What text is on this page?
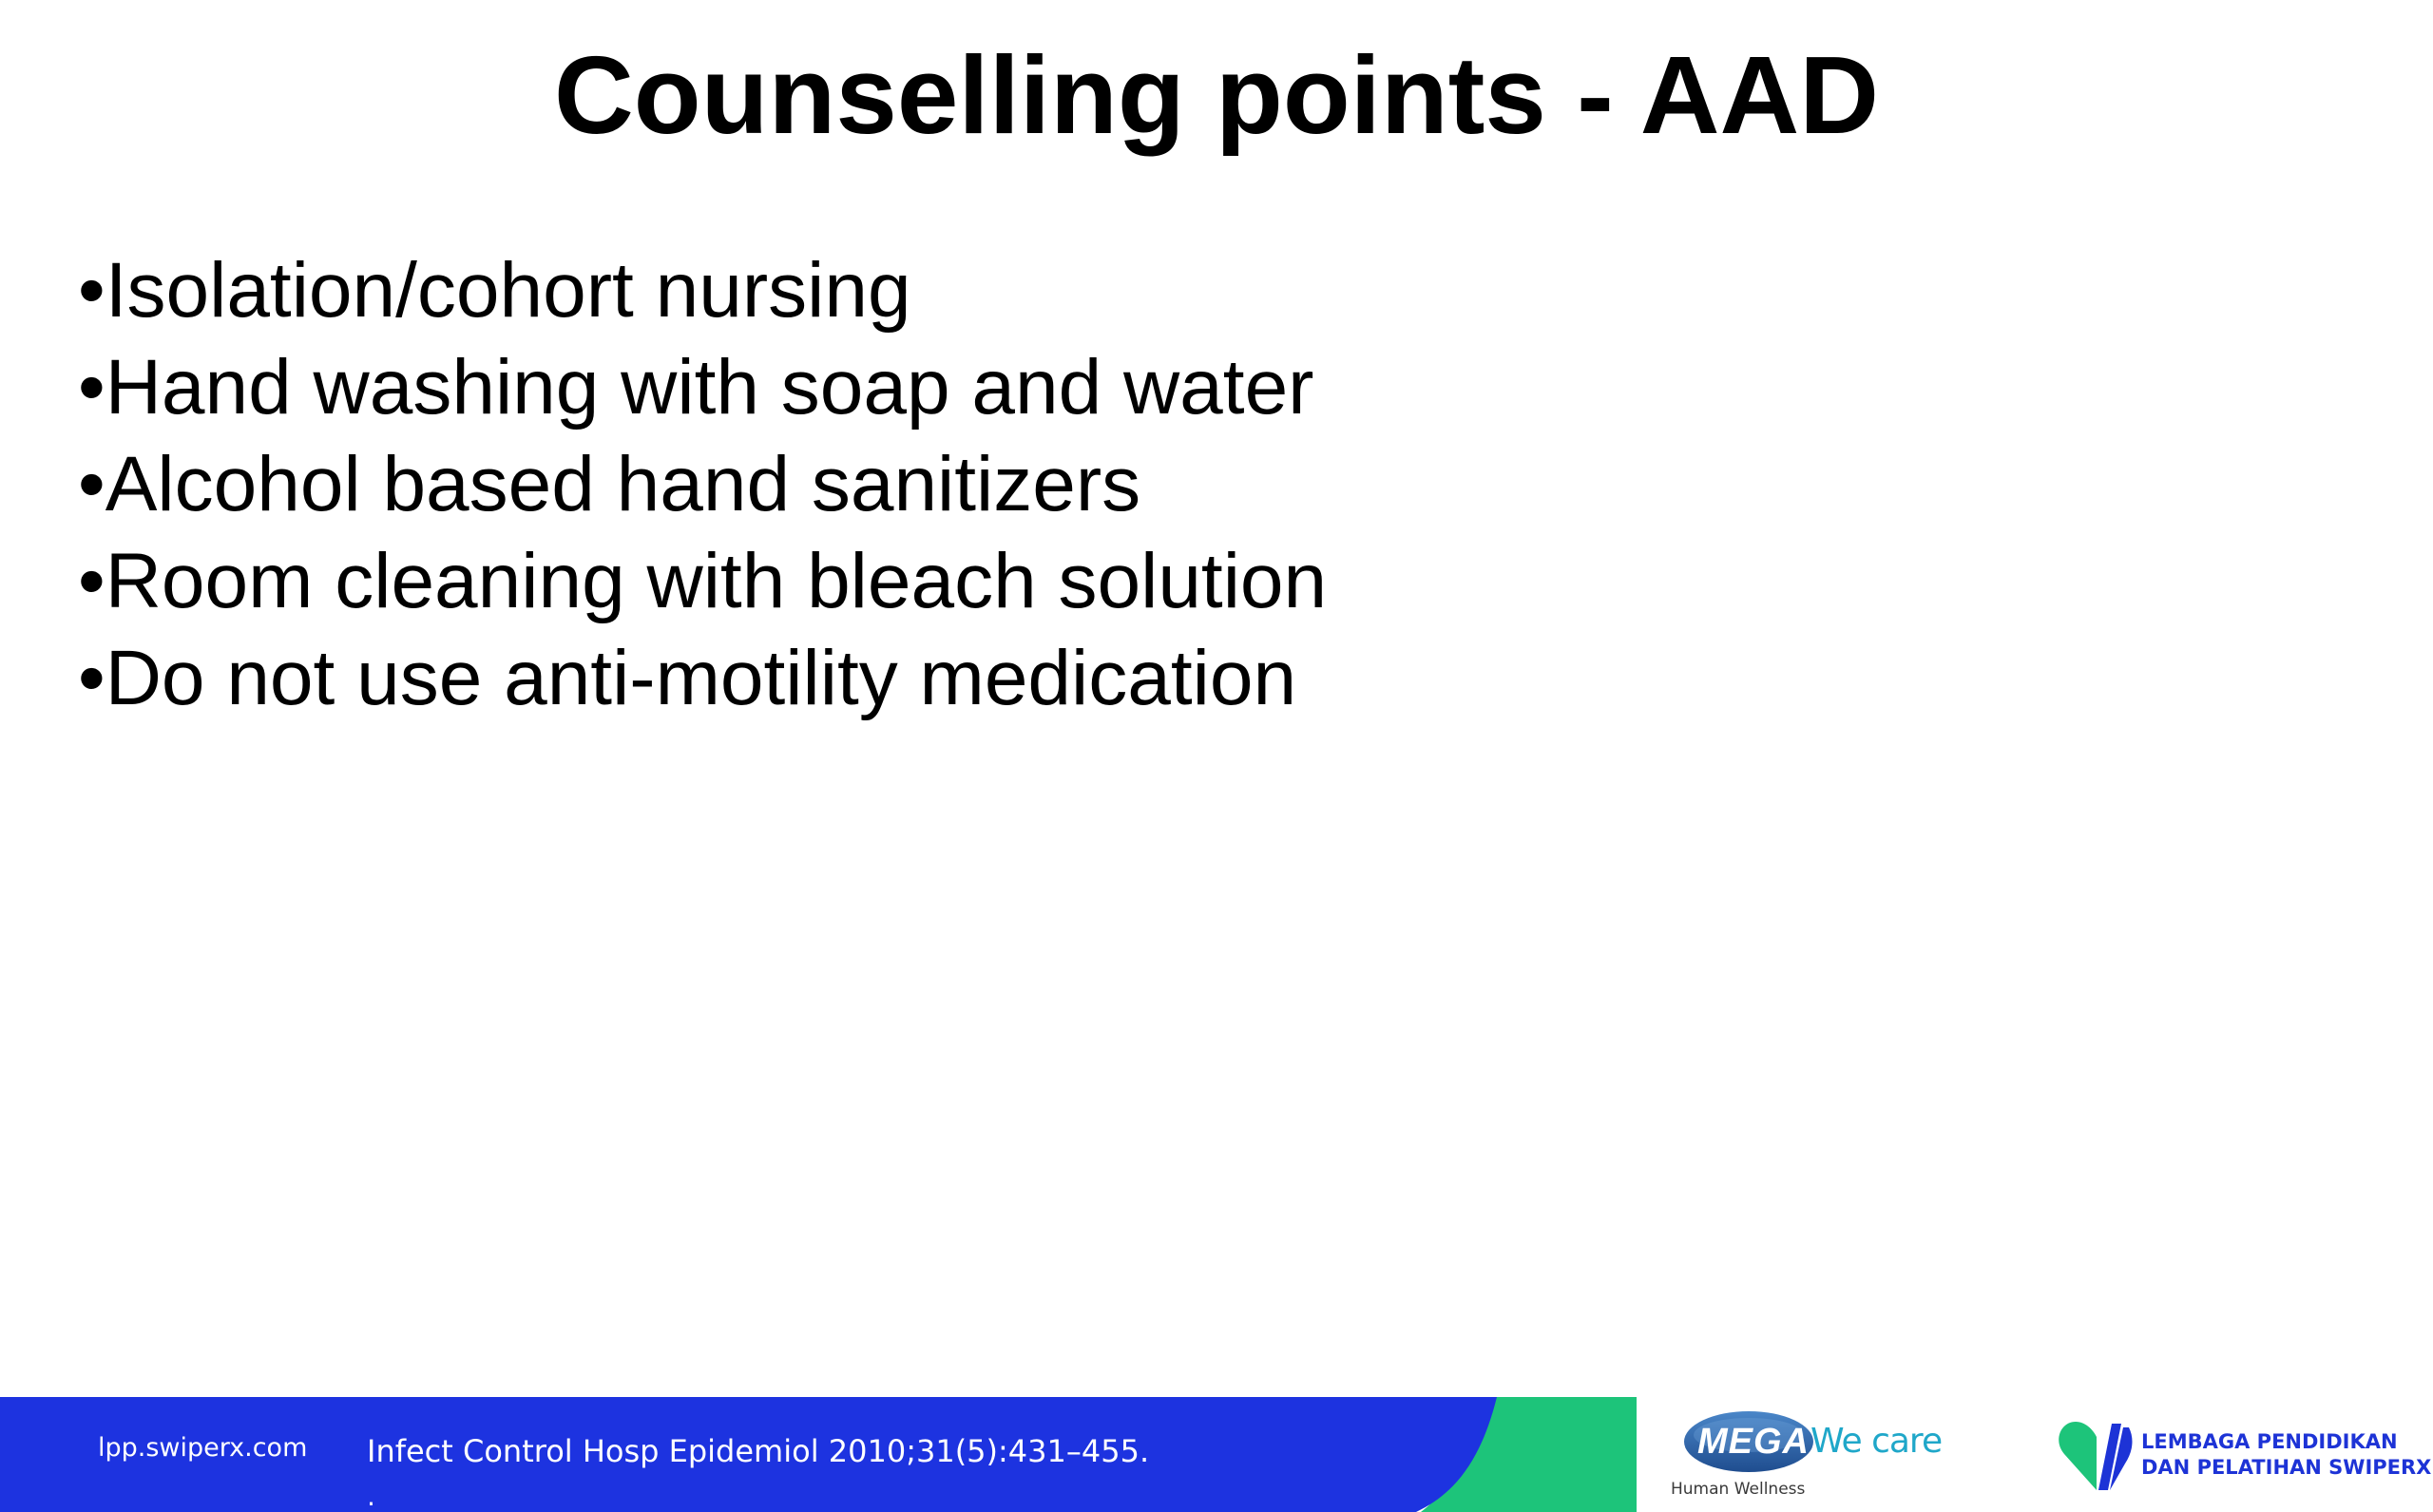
Counselling points - AAD
•Isolation/cohort nursing
•Hand washing with soap and water
•Alcohol based hand sanitizers
•Room cleaning with bleach solution
•Do not use anti-motility medication
lpp.swiperx.com Infect Control Hosp Epidemiol 2010;31(5):431–455.
.
MEGA We care
Human Wellness
LEMBAGA PENDIDIKAN
DAN PELATIHAN SWIPERX
